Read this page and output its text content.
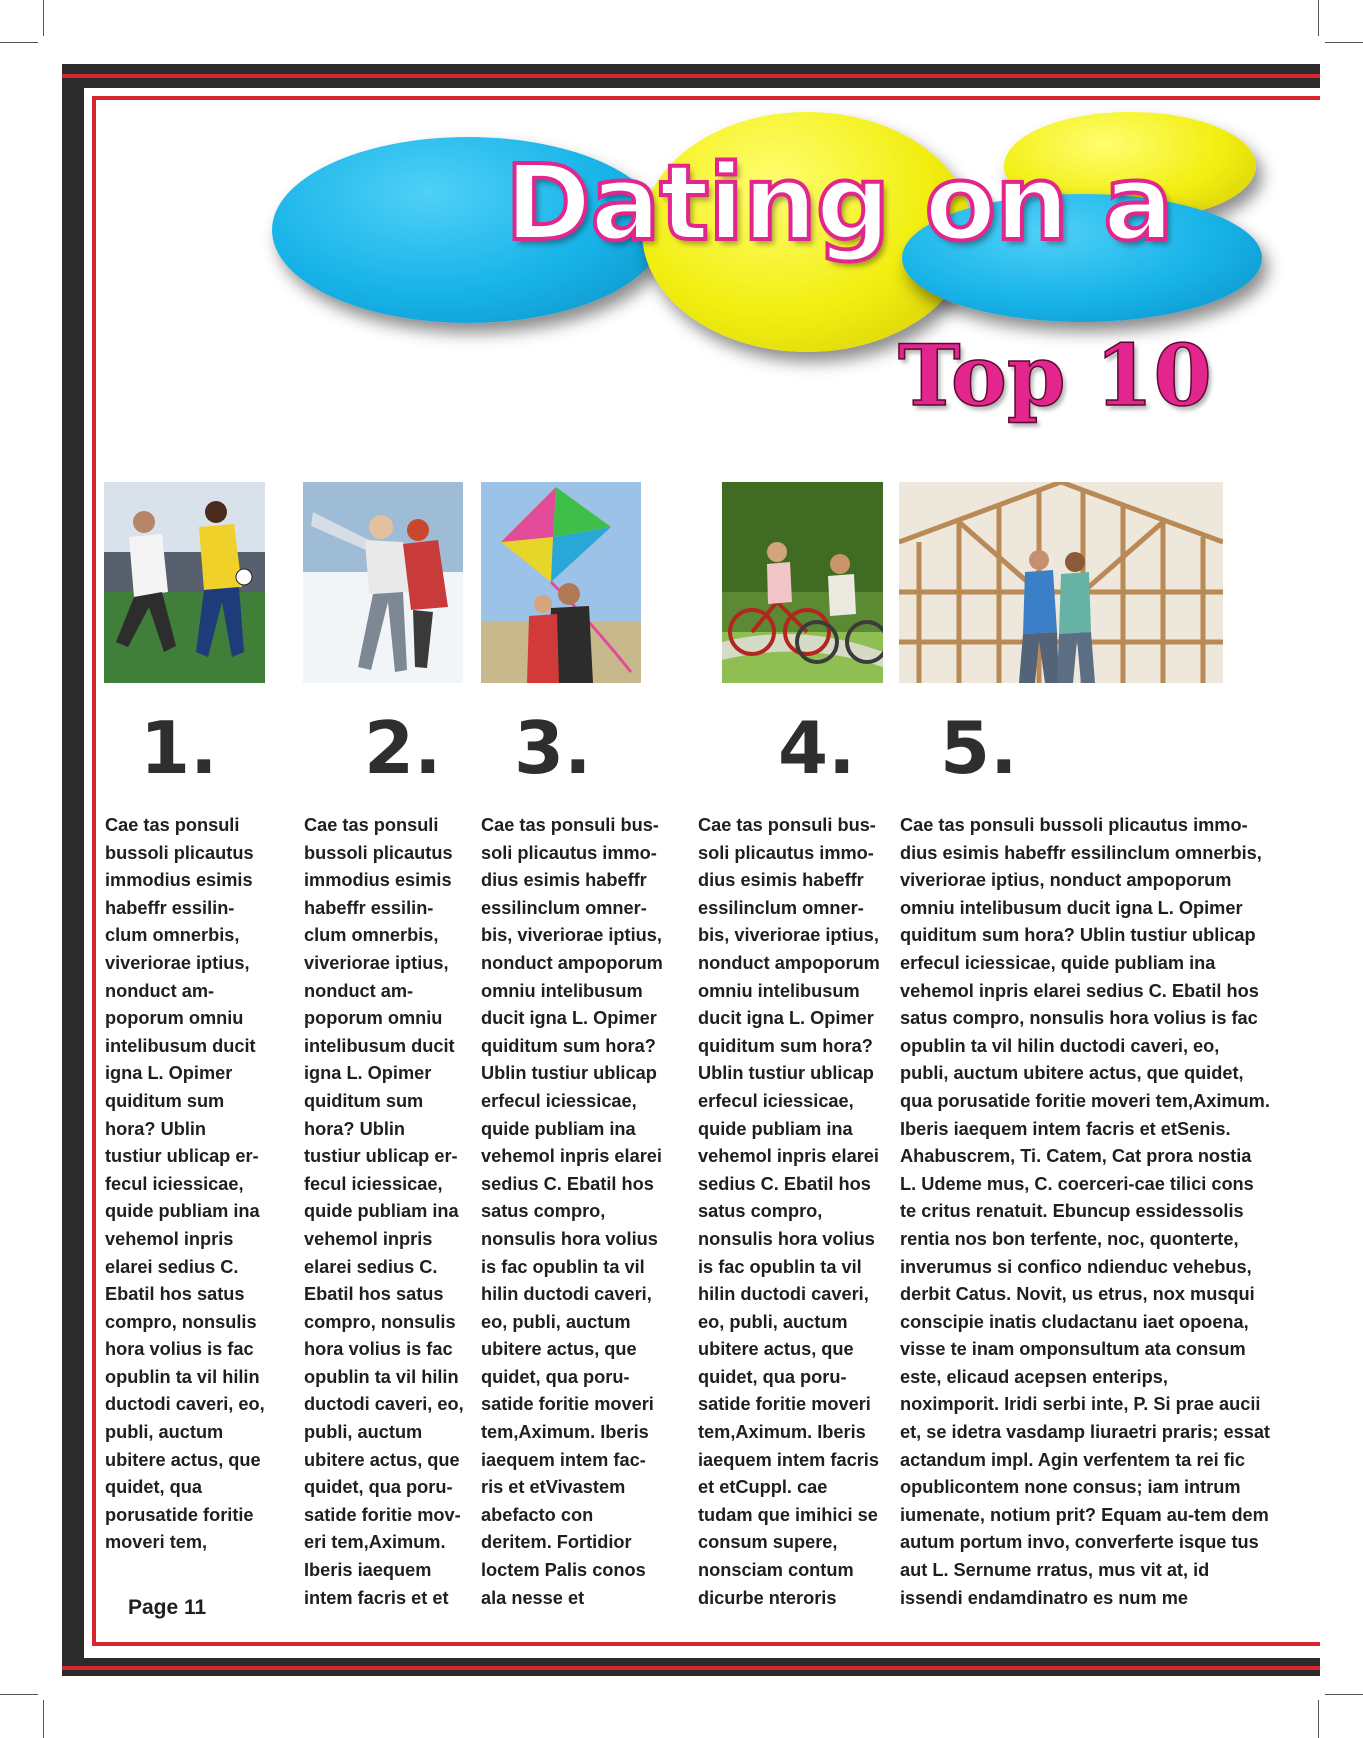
Dating on a
Top 10

1. 2. 3.	4. 5.

Cae tas ponsuli bussoli plicautus immodius esimis habeffr essilin-clum omnerbis, viveriorae iptius, nonduct am-poporum omniu intelibusum ducit igna L. Opimer quiditum sum hora? Ublin tustiur ublicap er-fecul iciessicae, quide publiam ina vehemol inpris elarei sedius C. Ebatil hos satus compro, nonsulis hora volius is fac opublin ta vil hilin ductodi caveri, eo, publi, auctum ubitere actus, que quidet, qua porusatide foritie moveri tem,

Cae tas ponsuli bussoli plicautus immodius esimis habeffr essilin-clum omnerbis, viveriorae iptius, nonduct am-poporum omniu intelibusum ducit igna L. Opimer quiditum sum hora? Ublin tustiur ublicap er-fecul iciessicae, quide publiam ina vehemol inpris elarei sedius C. Ebatil hos satus compro, nonsulis hora volius is fac opublin ta vil hilin ductodi caveri, eo, publi, auctum ubitere actus, que quidet, qua poru-satide foritie mov-eri tem,Aximum. Iberis iaequem intem facris et et

Cae tas ponsuli bus-soli plicautus immo-dius esimis habeffr essilinclum omner-bis, viveriorae iptius, nonduct ampoporum omniu intelibusum ducit igna L. Opimer quiditum sum hora? Ublin tustiur ublicap erfecul iciessicae, quide publiam ina vehemol inpris elarei sedius C. Ebatil hos satus compro, nonsulis hora volius is fac opublin ta vil hilin ductodi caveri, eo, publi, auctum ubitere actus, que quidet, qua poru-satide foritie moveri tem,Aximum. Iberis iaequem intem fac-ris et etVivastem abefacto con deritem. Fortidior loctem Palis conos ala nesse et

Cae tas ponsuli bus-soli plicautus immo-dius esimis habeffr essilinclum omner-bis, viveriorae iptius, nonduct ampoporum omniu intelibusum ducit igna L. Opimer quiditum sum hora? Ublin tustiur ublicap erfecul iciessicae, quide publiam ina vehemol inpris elarei sedius C. Ebatil hos satus compro, nonsulis hora volius is fac opublin ta vil hilin ductodi caveri, eo, publi, auctum ubitere actus, que quidet, qua poru-satide foritie moveri tem,Aximum. Iberis iaequem intem facris et etCuppl. cae tudam que imihici se consum supere, nonsciam contum dicurbe nteroris

Cae tas ponsuli bussoli plicautus immo-dius esimis habeffr essilinclum omnerbis, viveriorae iptius, nonduct ampoporum omniu intelibusum ducit igna L. Opimer quiditum sum hora? Ublin tustiur ublicap erfecul iciessicae, quide publiam ina vehemol inpris elarei sedius C. Ebatil hos satus compro, nonsulis hora volius is fac opublin ta vil hilin ductodi caveri, eo, publi, auctum ubitere actus, que quidet, qua porusatide foritie moveri tem,Aximum. Iberis iaequem intem facris et etSenis. Ahabuscrem, Ti. Catem, Cat prora nostia L. Udeme mus, C. coerceri-cae tilici cons te critus renatuit. Ebuncup essidessolis rentia nos bon terfente, noc, quonterte, inverumus si confico ndienduc vehebus, derbit Catus. Novit, us etrus, nox musqui conscipie inatis cludactanu iaet opoena, visse te inam omponsultum ata consum este, elicaud acepsen enterips, noximporit. Iridi serbi inte, P. Si prae aucii et, se idetra vasdamp liuraetri praris; essat actandum impl. Agin verfentem ta rei fic opublicontem none consus; iam intrum iumenate, notium prit? Equam au-tem dem autum portum invo, converferte isque tus aut L. Sernume rratus, mus vit at, id issendi endamdinatro es num me

Page 11
